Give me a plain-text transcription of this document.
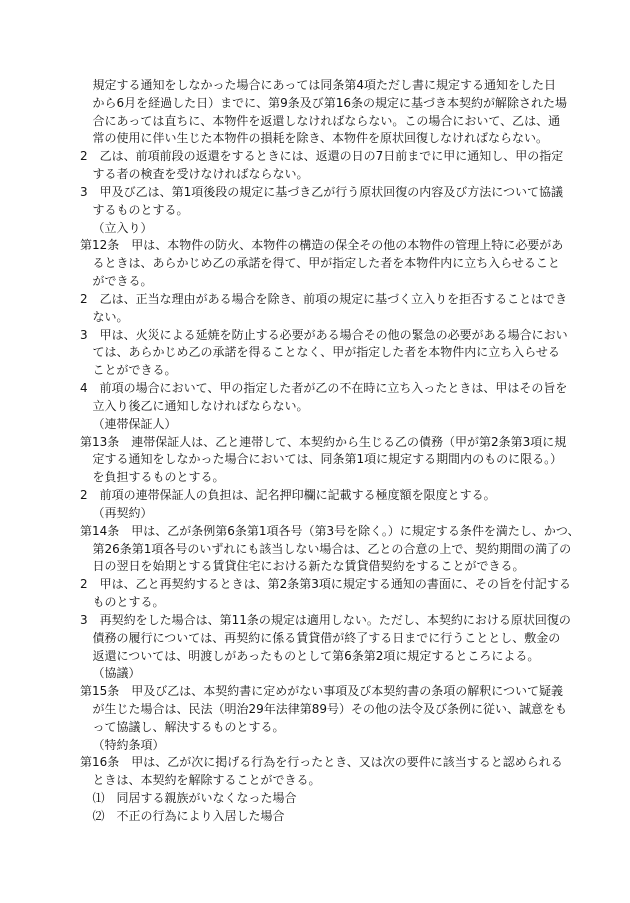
規定する通知をしなかった場合にあっては同条第4項ただし書に規定する通知をした日
から6月を経過した日）までに、第9条及び第16条の規定に基づき本契約が解除された場
合にあっては直ちに、本物件を返還しなければならない。この場合において、乙は、通
常の使用に伴い生じた本物件の損耗を除き、本物件を原状回復しなければならない。
2　乙は、前項前段の返還をするときには、返還の日の7日前までに甲に通知し、甲の指定
する者の検査を受けなければならない。
3　甲及び乙は、第1項後段の規定に基づき乙が行う原状回復の内容及び方法について協議
するものとする。
（立入り）
第12条　甲は、本物件の防火、本物件の構造の保全その他の本物件の管理上特に必要があ
るときは、あらかじめ乙の承諾を得て、甲が指定した者を本物件内に立ち入らせること
ができる。
2　乙は、正当な理由がある場合を除き、前項の規定に基づく立入りを拒否することはでき
ない。
3　甲は、火災による延焼を防止する必要がある場合その他の緊急の必要がある場合におい
ては、あらかじめ乙の承諾を得ることなく、甲が指定した者を本物件内に立ち入らせる
ことができる。
4　前項の場合において、甲の指定した者が乙の不在時に立ち入ったときは、甲はその旨を
立入り後乙に通知しなければならない。
（連帯保証人）
第13条　連帯保証人は、乙と連帯して、本契約から生じる乙の債務（甲が第2条第3項に規
定する通知をしなかった場合においては、同条第1項に規定する期間内のものに限る。）
を負担するものとする。
2　前項の連帯保証人の負担は、記名押印欄に記載する極度額を限度とする。
（再契約）
第14条　甲は、乙が条例第6条第1項各号（第3号を除く。）に規定する条件を満たし、かつ、
第26条第1項各号のいずれにも該当しない場合は、乙との合意の上で、契約期間の満了の
日の翌日を始期とする賃貸住宅における新たな賃貸借契約をすることができる。
2　甲は、乙と再契約するときは、第2条第3項に規定する通知の書面に、その旨を付記する
ものとする。
3　再契約をした場合は、第11条の規定は適用しない。ただし、本契約における原状回復の
債務の履行については、再契約に係る賃貸借が終了する日までに行うこととし、敷金の
返還については、明渡しがあったものとして第6条第2項に規定するところによる。
（協議）
第15条　甲及び乙は、本契約書に定めがない事項及び本契約書の条項の解釈について疑義
が生じた場合は、民法（明治29年法律第89号）その他の法令及び条例に従い、誠意をも
って協議し、解決するものとする。
（特約条項）
第16条　甲は、乙が次に掲げる行為を行ったとき、又は次の要件に該当すると認められる
ときは、本契約を解除することができる。
⑴　同居する親族がいなくなった場合
⑵　不正の行為により入居した場合
